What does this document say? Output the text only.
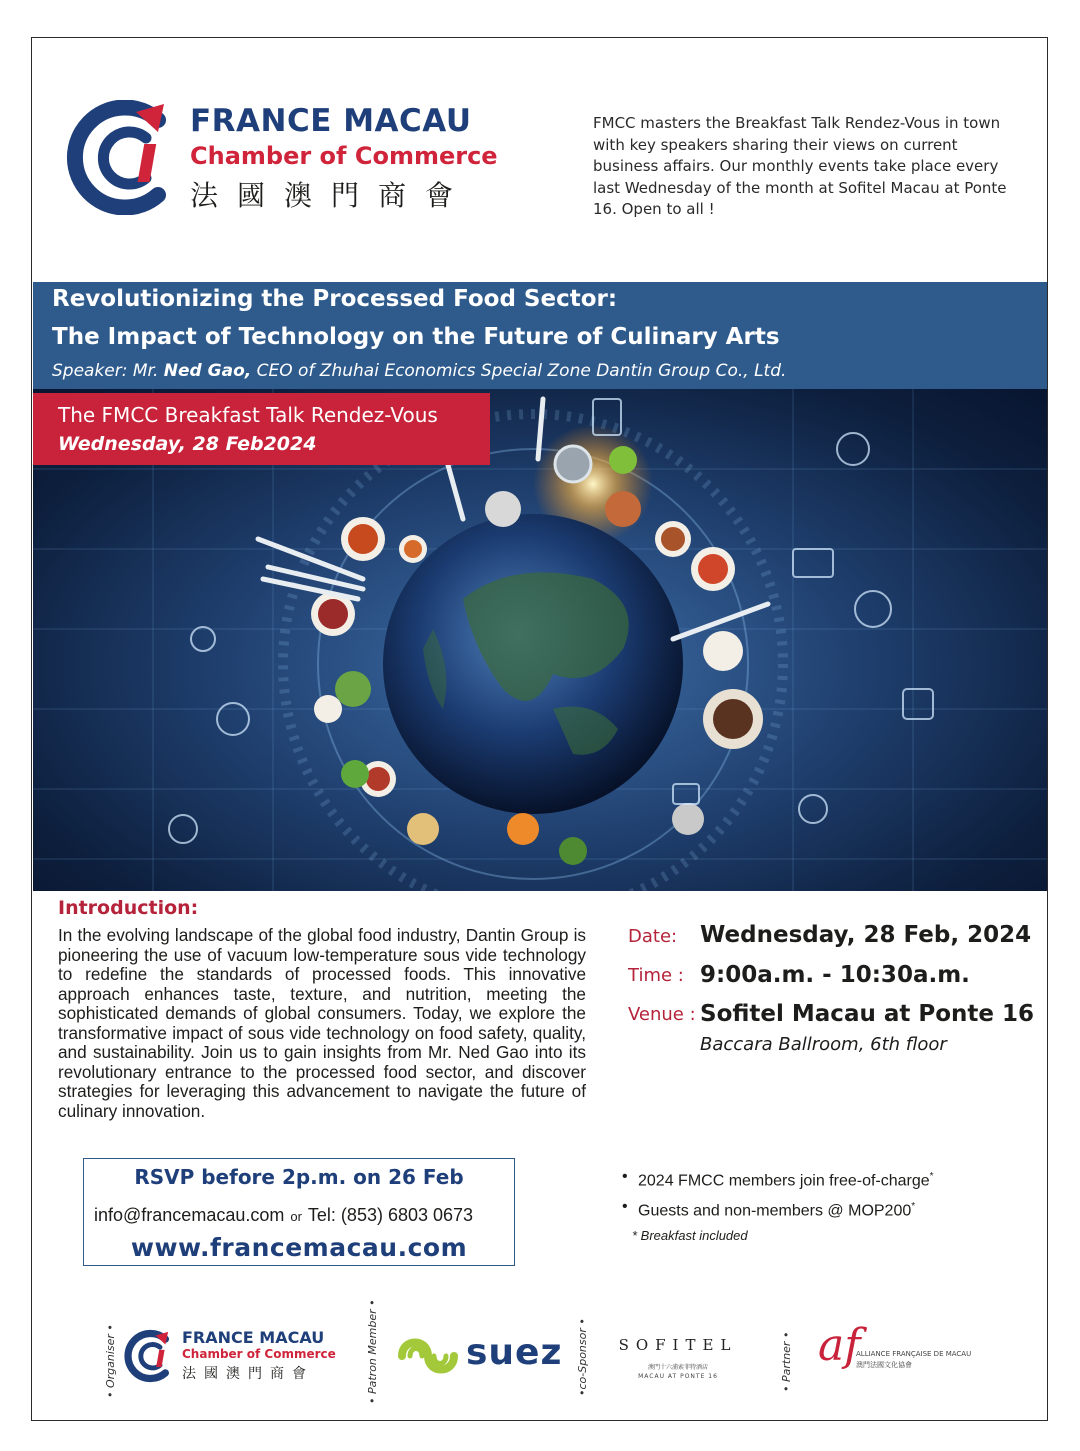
FRANCE MACAU
Chamber of Commerce
法國澳門商會
FMCC masters the Breakfast Talk Rendez-Vous in town with key speakers sharing their views on current business affairs. Our monthly events take place every last Wednesday of the month at Sofitel Macau at Ponte 16. Open to all !
Revolutionizing the Processed Food Sector:
The Impact of Technology on the Future of Culinary Arts
Speaker: Mr. Ned Gao, CEO of Zhuhai Economics Special Zone Dantin Group Co., Ltd.
The FMCC Breakfast Talk Rendez-Vous
Wednesday, 28 Feb2024
Introduction:
In the evolving landscape of the global food industry, Dantin Group is pioneering the use of vacuum low-temperature sous vide technology to redefine the standards of processed foods. This innovative approach enhances taste, texture, and nutrition, meeting the sophisticated demands of global consumers. Today, we explore the transformative impact of sous vide technology on food safety, quality, and sustainability. Join us to gain insights from Mr. Ned Gao into its revolutionary entrance to the processed food sector, and discover strategies for leveraging this advancement to navigate the future of culinary innovation.
Date: Wednesday, 28 Feb, 2024
Time : 9:00a.m. - 10:30a.m.
Venue : Sofitel Macau at Ponte 16
Baccara Ballroom, 6th floor
RSVP before 2p.m. on 26 Feb
info@francemacau.com or Tel: (853) 6803 0673
www.francemacau.com
• 2024 FMCC members join free-of-charge*
• Guests and non-members @ MOP200*
* Breakfast included
• Organiser •	FRANCE MACAU
Chamber of Commerce
法國澳門商會	• Patron Member • suez •co-Sponsor •	SOFITEL
澳門十六浦索菲特酒店
MACAU AT PONTE 16	• Partner • af
ALLIANCE FRANÇAISE DE MACAU
澳門法國文化協會
